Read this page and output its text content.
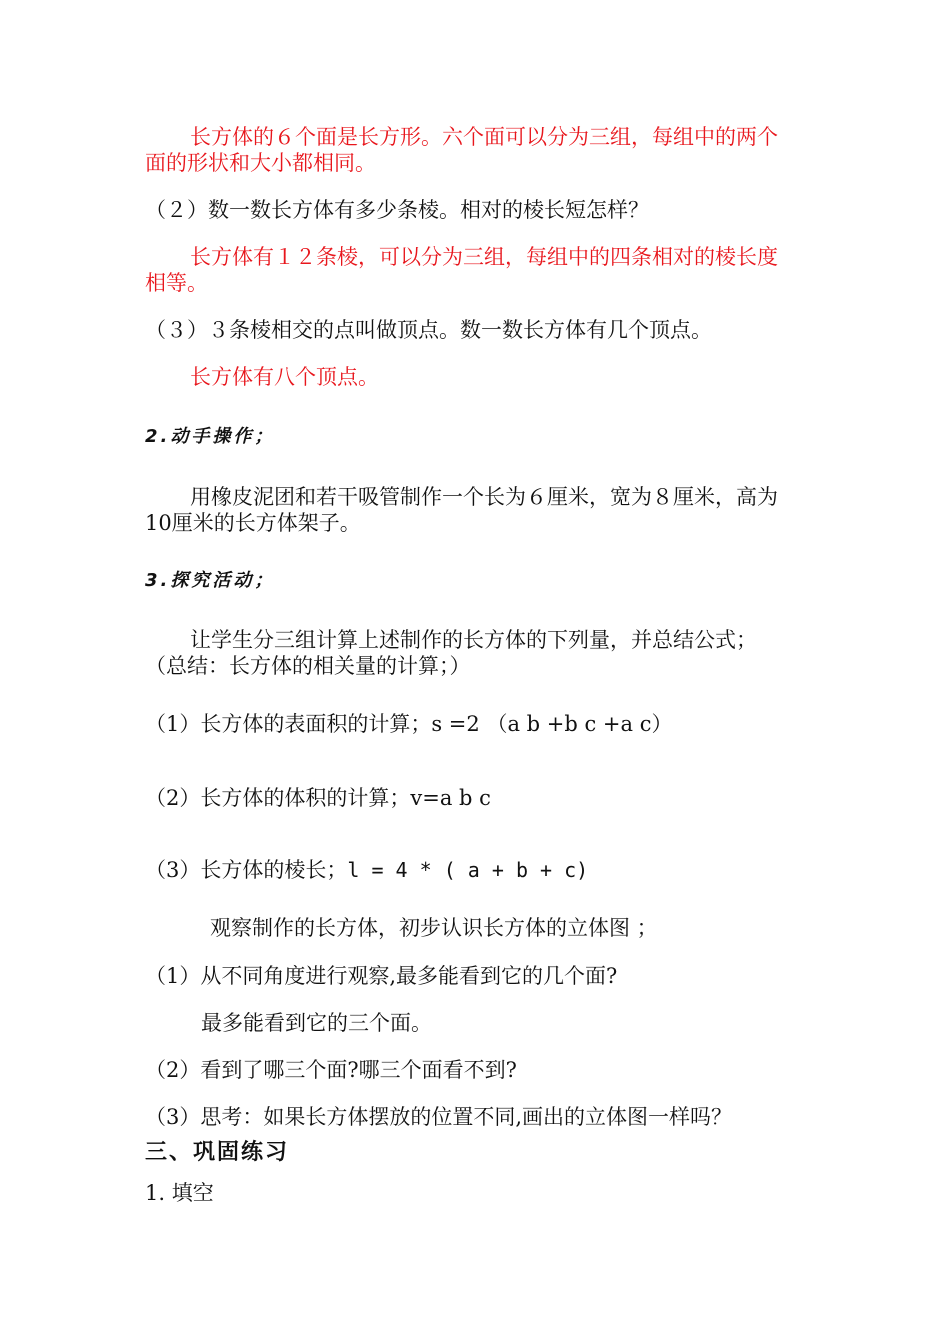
长方体的６个面是长方形。六个面可以分为三组，每组中的两个
面的形状和大小都相同。
（２）数一数长方体有多少条棱。相对的棱长短怎样？
长方体有１２条棱，可以分为三组，每组中的四条相对的棱长度
相等。
（３）３条棱相交的点叫做顶点。数一数长方体有几个顶点。
长方体有八个顶点。
2.动手操作；
用橡皮泥团和若干吸管制作一个长为６厘米，宽为８厘米，高为
10厘米的长方体架子。
3.探究活动；
让学生分三组计算上述制作的长方体的下列量，并总结公式；
（总结：长方体的相关量的计算；）
（1）长方体的表面积的计算；s =2 （a b +b c +a c）
（2）长方体的体积的计算；v=a b c
（3）长方体的棱长；l = 4 * ( a + b + c)
观察制作的长方体，初步认识长方体的立体图 ；
（1）从不同角度进行观察,最多能看到它的几个面?
最多能看到它的三个面。
（2）看到了哪三个面?哪三个面看不到?
（3）思考：如果长方体摆放的位置不同,画出的立体图一样吗？
三、巩固练习
1. 填空
